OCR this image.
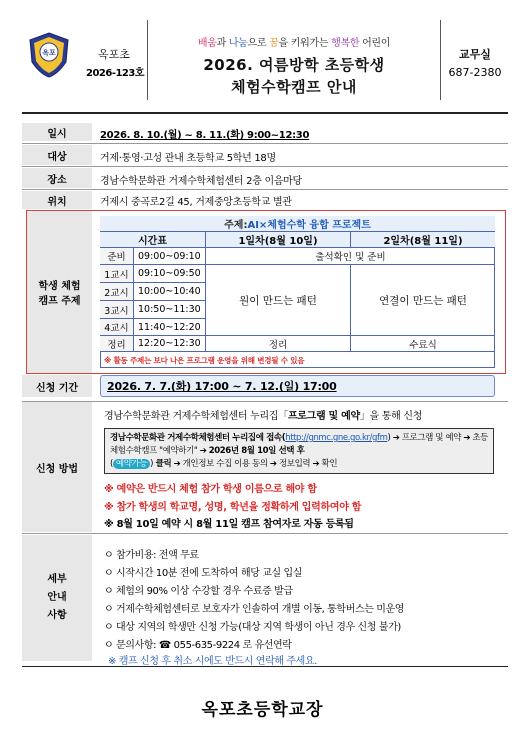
옥포	옥포초
2026-123호
배움과 나눔으로 꿈을 키워가는 행복한 어린이
2026. 여름방학 초등학생
체험수학캠프 안내
교무실
687-2380
일시	2026. 8. 10.(월) ~ 8. 11.(화) 9:00~12:30
대상	거제·통영·고성 관내 초등학교 5학년 18명
장소	경남수학문화관 거제수학체험센터 2층 이음마당
위치	거제시 중곡로2길 45, 거제중앙초등학교 별관
학생 체험
캠프 주제
주제: AI×체험수학 융합 프로젝트
시간표	1일차(8월 10일)	2일차(8월 11일)
준비	09:00~09:10	출석확인 및 준비
1교시 09:10~09:50
2교시 10:00~10:40
3교시 10:50~11:30
4교시 11:40~12:20
원이 만드는 패턴	연결이 만드는 패턴
정리	12:20~12:30	정리	수료식
※ 활동 주제는 보다 나은 프로그램 운영을 위해 변경될 수 있음
신청 기간	2026. 7. 7.(화) 17:00 ~ 7. 12.(일) 17:00
신청 방법
경남수학문화관 거제수학체험센터 누리집「프로그램 및 예약」을 통해 신청
경남수학문화관 거제수학체험센터 누리집에 접속(http://gnmc.gne.go.kr/gfm) ➔ 프로그램 및 예약 ➔ 초등체험수학캠프 "예약하기" ➔ 2026년 8월 10일 선택 후
( 예약가능 ) 클릭 ➔ 개인정보 수집 이용 동의 ➔ 정보입력 ➔ 확인
※ 예약은 반드시 체험 참가 학생 이름으로 해야 함
※ 참가 학생의 학교명, 성명, 학년을 정확하게 입력하여야 함
※ 8월 10일 예약 시 8월 11일 캠프 참여자로 자동 등록됨
세부
안내
사항
ㅇ 참가비용: 전액 무료
ㅇ 시작시간 10분 전에 도착하여 해당 교실 입실
ㅇ 체험의 90% 이상 수강할 경우 수료증 발급
ㅇ 거제수학체험센터로 보호자가 인솔하여 개별 이동, 통학버스는 미운영
ㅇ 대상 지역의 학생만 신청 가능(대상 지역 학생이 아닌 경우 신청 불가)
ㅇ 문의사항: ☎ 055-635-9224 로 유선연락
※ 캠프 신청 후 취소 시에도 반드시 연락해 주세요.
옥포초등학교장
